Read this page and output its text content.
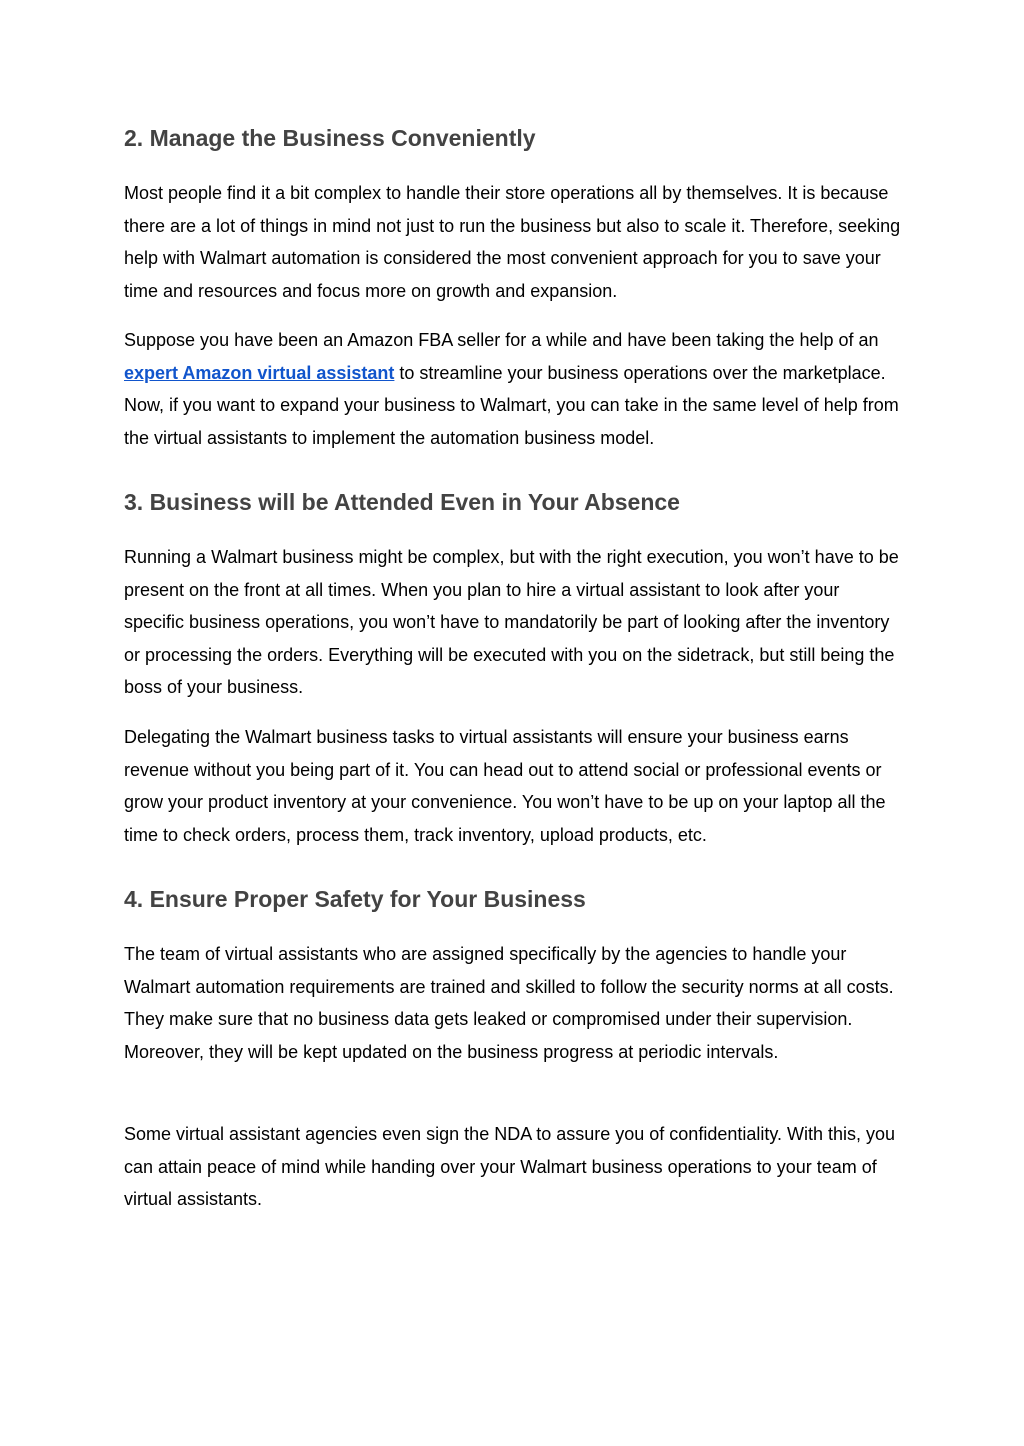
2. Manage the Business Conveniently

Most people find it a bit complex to handle their store operations all by themselves. It is because there are a lot of things in mind not just to run the business but also to scale it. Therefore, seeking help with Walmart automation is considered the most convenient approach for you to save your time and resources and focus more on growth and expansion.

Suppose you have been an Amazon FBA seller for a while and have been taking the help of an expert Amazon virtual assistant to streamline your business operations over the marketplace. Now, if you want to expand your business to Walmart, you can take in the same level of help from the virtual assistants to implement the automation business model.

3. Business will be Attended Even in Your Absence

Running a Walmart business might be complex, but with the right execution, you won’t have to be present on the front at all times. When you plan to hire a virtual assistant to look after your specific business operations, you won’t have to mandatorily be part of looking after the inventory or processing the orders. Everything will be executed with you on the sidetrack, but still being the boss of your business.

Delegating the Walmart business tasks to virtual assistants will ensure your business earns revenue without you being part of it. You can head out to attend social or professional events or grow your product inventory at your convenience. You won’t have to be up on your laptop all the time to check orders, process them, track inventory, upload products, etc.

4. Ensure Proper Safety for Your Business

The team of virtual assistants who are assigned specifically by the agencies to handle your Walmart automation requirements are trained and skilled to follow the security norms at all costs. They make sure that no business data gets leaked or compromised under their supervision. Moreover, they will be kept updated on the business progress at periodic intervals.

Some virtual assistant agencies even sign the NDA to assure you of confidentiality. With this, you can attain peace of mind while handing over your Walmart business operations to your team of virtual assistants.
